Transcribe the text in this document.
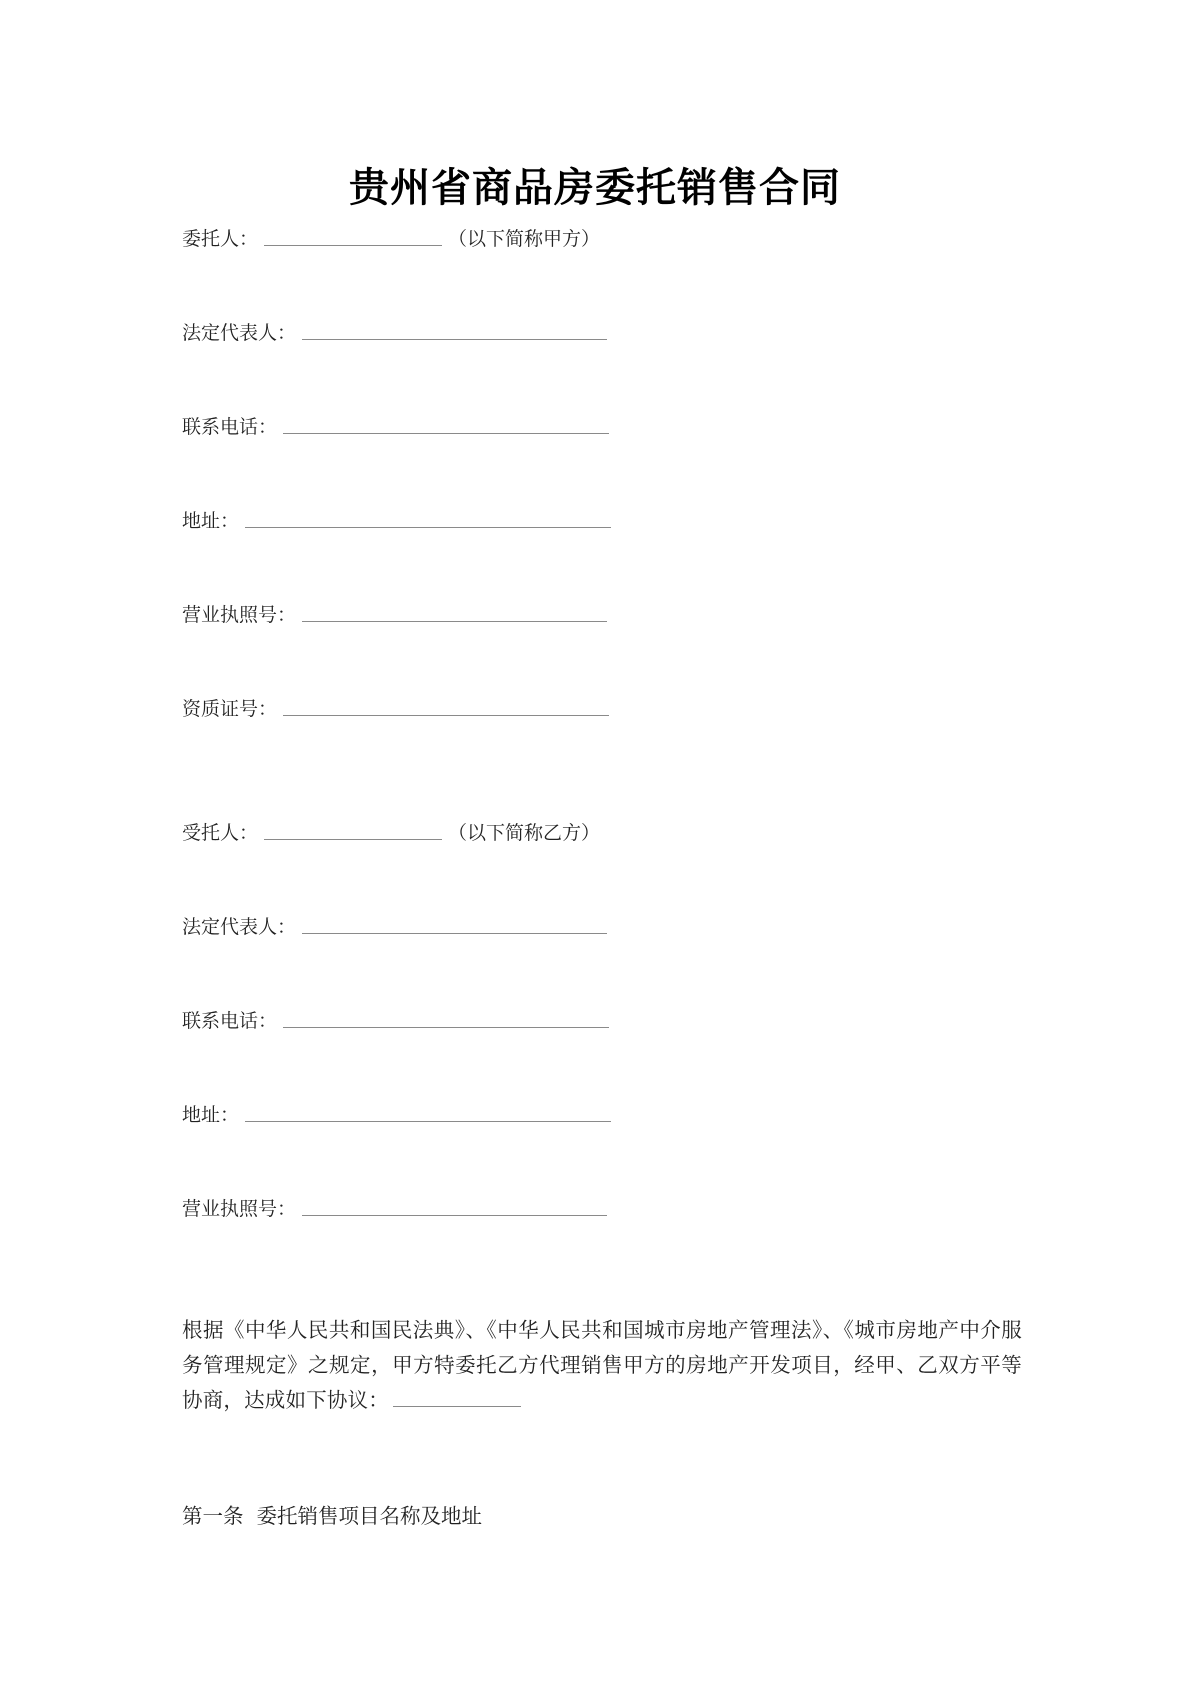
贵州省商品房委托销售合同
委托人：	（以下简称甲方）
法定代表人：
联系电话：
地址：
营业执照号：
资质证号：
受托人：	（以下简称乙方）
法定代表人：
联系电话：
地址：
营业执照号：
根据《中华人民共和国民法典》、《中华人民共和国城市房地产管理法》、《城市房地产中介服务管理规定》之规定，甲方特委托乙方代理销售甲方的房地产开发项目，经甲、乙双方平等协商，达成如下协议：
第一条 委托销售项目名称及地址
